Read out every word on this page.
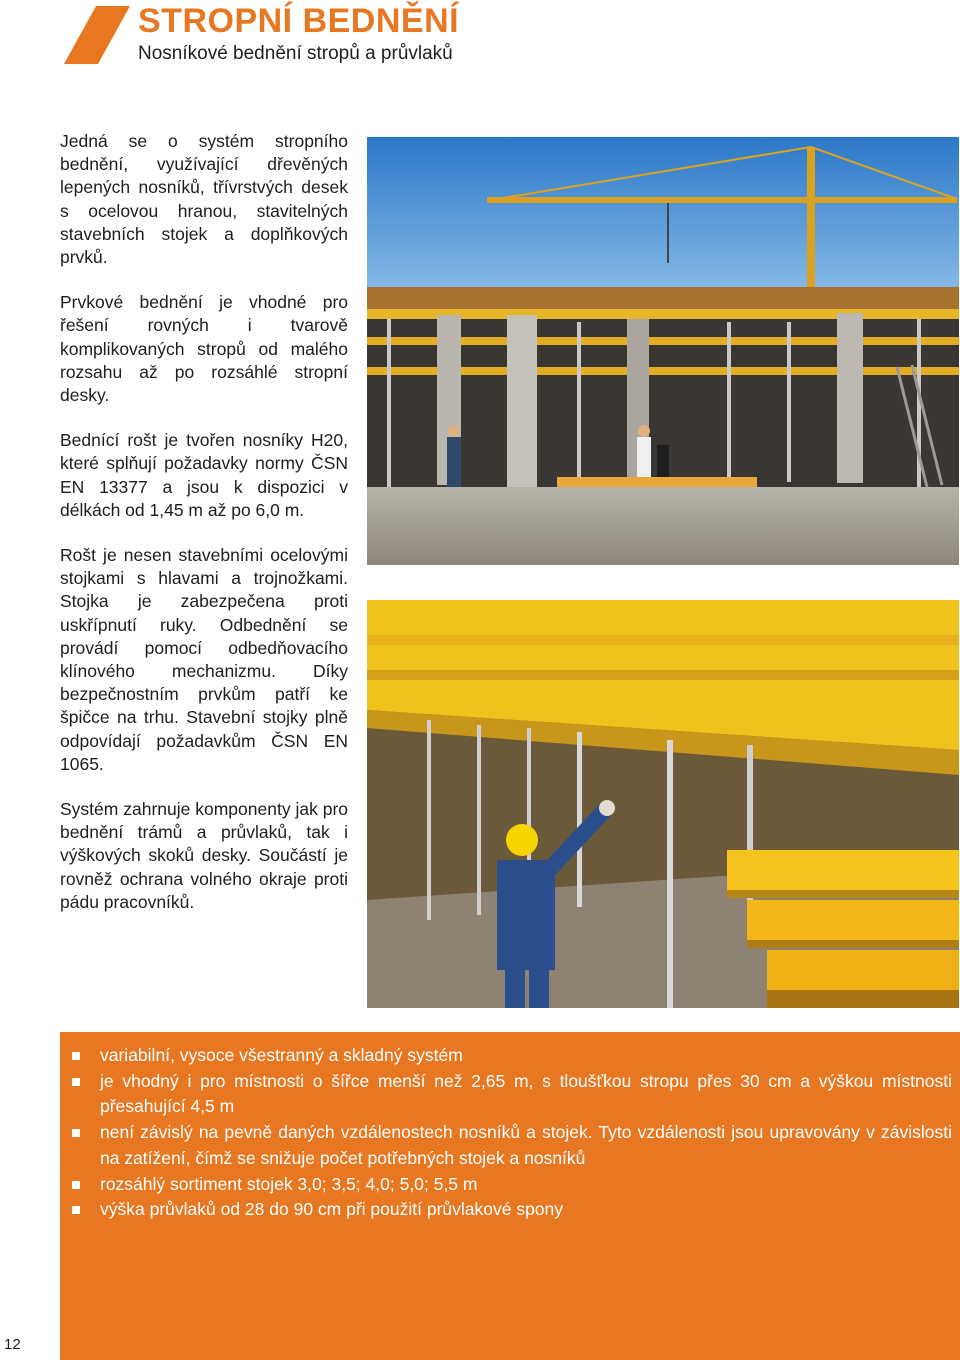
STROPNÍ BEDNĚNÍ
Nosníkové bednění stropů a průvlaků

Jedná se o systém stropního bednění, využívající dřevěných lepených nosníků, třívrstvých desek s ocelovou hranou, stavitelných stavebních stojek a doplňkových prvků.

Prvkové bednění je vhodné pro řešení rovných i tvarově komplikovaných stropů od malého rozsahu až po rozsáhlé stropní desky.

Bednící rošt je tvořen nosníky H20, které splňují požadavky normy ČSN EN 13377 a jsou k dispozici v délkách od 1,45 m až po 6,0 m.

Rošt je nesen stavebními ocelovými stojkami s hlavami a trojnožkami. Stojka je zabezpečena proti uskřípnutí ruky. Odbednění se provádí pomocí odbedňovacího klínového mechanizmu. Díky bezpečnostním prvkům patří ke špičce na trhu. Stavební stojky plně odpovídají požadavkům ČSN EN 1065.

Systém zahrnuje komponenty jak pro bednění trámů a průvlaků, tak i výškových skoků desky. Součástí je rovněž ochrana volného okraje proti pádu pracovníků.

variabilní, vysoce všestranný a skladný systém
je vhodný i pro místnosti o šířce menší než 2,65 m, s tloušťkou stropu přes 30 cm a výškou místnosti přesahující 4,5 m
není závislý na pevně daných vzdálenostech nosníků a stojek. Tyto vzdálenosti jsou upravovány v závislosti na zatížení, čímž se snižuje počet potřebných stojek a nosníků
rozsáhlý sortiment stojek 3,0; 3,5; 4,0; 5,0; 5,5 m
výška průvlaků od 28 do 90 cm při použití průvlakové spony
12
